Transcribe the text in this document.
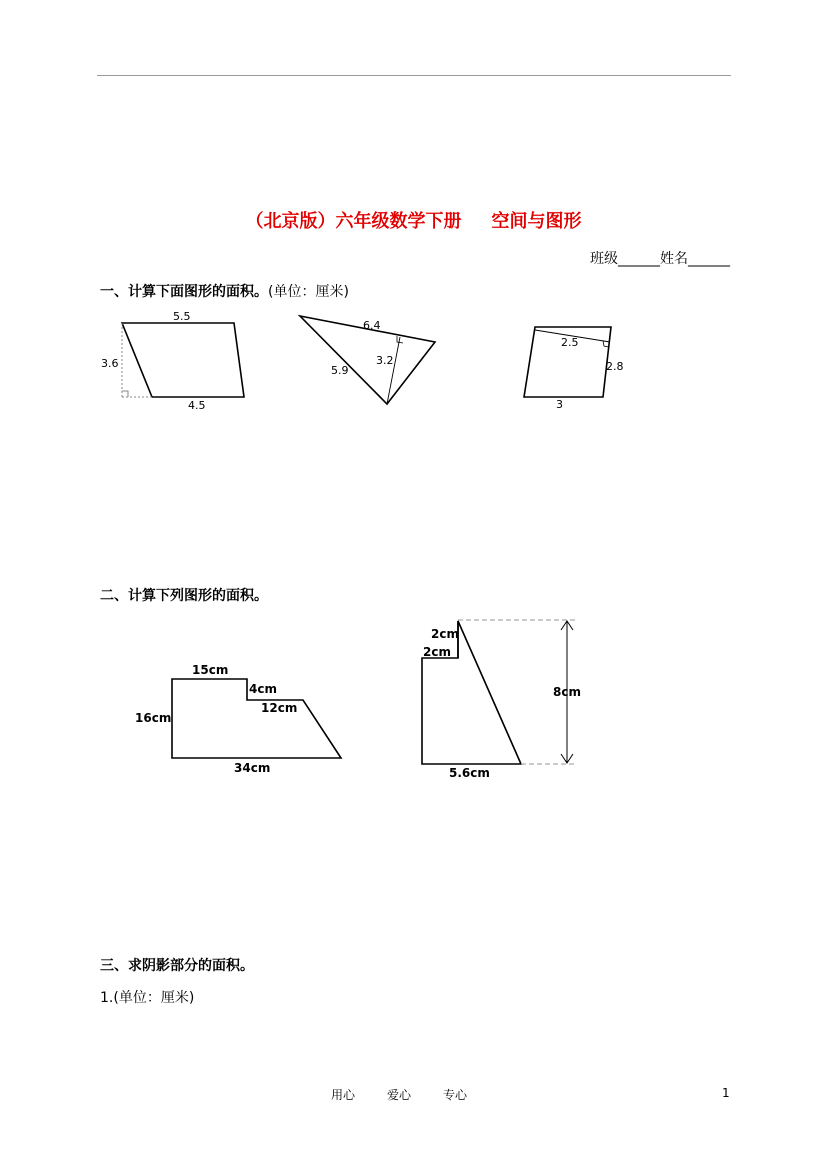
（北京版）六年级数学下册 空间与图形
班级______姓名______
一、计算下面图形的面积。(单位：厘米)
5.5
3.6
4.5
6.4
3.2
5.9
2.5
2.8
3
二、计算下列图形的面积。
15cm
4cm
12cm
16cm
34cm
2cm
2cm
8cm
5.6cm
三、求阴影部分的面积。
1.(单位：厘米)
用心	爱心	专心	1
